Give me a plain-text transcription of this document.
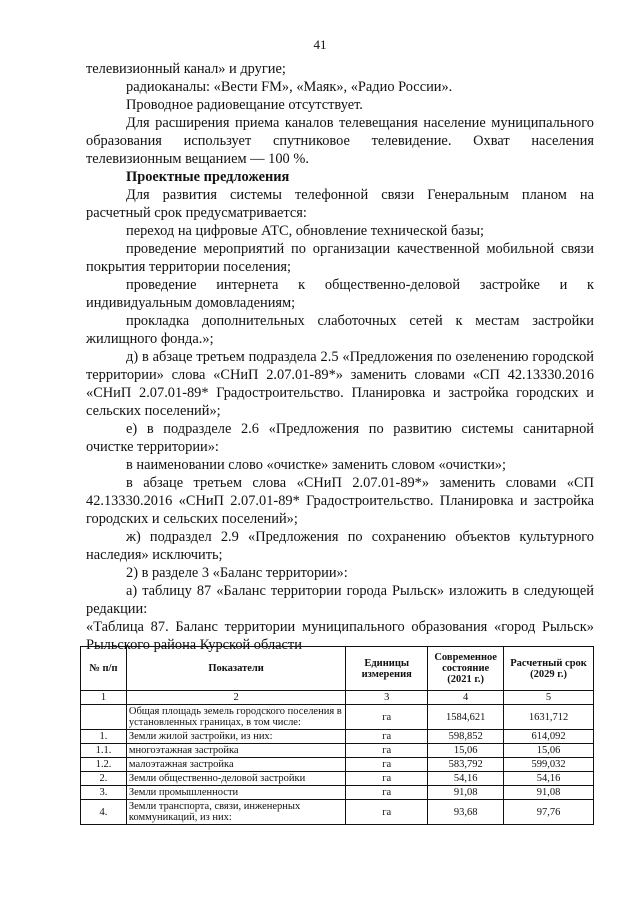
41

телевизионный канал» и другие;

радиоканалы: «Вести FM», «Маяк», «Радио России».

Проводное радиовещание отсутствует.

Для расширения приема каналов телевещания население муниципального образования использует спутниковое телевидение. Охват населения телевизионным вещанием — 100 %.

Проектные предложения

Для развития системы телефонной связи Генеральным планом на расчетный срок предусматривается:

переход на цифровые АТС, обновление технической базы;

проведение мероприятий по организации качественной мобильной связи покрытия территории поселения;

проведение интернета к общественно-деловой застройке и к индивидуальным домовладениям;

прокладка дополнительных слаботочных сетей к местам застройки жилищного фонда.»;

д) в абзаце третьем подраздела 2.5 «Предложения по озеленению городской территории» слова «СНиП 2.07.01-89*» заменить словами «СП 42.13330.2016 «СНиП 2.07.01-89* Градостроительство. Планировка и застройка городских и сельских поселений»;

е) в подразделе 2.6 «Предложения по развитию системы санитарной очистке территории»:

в наименовании слово «очистке» заменить словом «очистки»;

в абзаце третьем слова «СНиП 2.07.01-89*» заменить словами «СП 42.13330.2016 «СНиП 2.07.01-89* Градостроительство. Планировка и застройка городских и сельских поселений»;

ж) подраздел 2.9 «Предложения по сохранению объектов культурного наследия» исключить;

2) в разделе 3 «Баланс территории»:

а) таблицу 87 «Баланс территории города Рыльск» изложить в следующей редакции:

«Таблица 87. Баланс территории муниципального образования «город Рыльск» Рыльского района Курской области

№ п/п	Показатели	Единицы измерения	Современное состояние (2021 г.)	Расчетный срок (2029 г.)
1	2	3	4	5
	Общая площадь земель городского поселения в установленных границах, в том числе:	га	1584,621	1631,712
1.	Земли жилой застройки, из них:	га	598,852	614,092
1.1.	многоэтажная застройка	га	15,06	15,06
1.2.	малоэтажная застройка	га	583,792	599,032
2.	Земли общественно-деловой застройки	га	54,16	54,16
3.	Земли промышленности	га	91,08	91,08
4.	Земли транспорта, связи, инженерных коммуникаций, из них:	га	93,68	97,76
